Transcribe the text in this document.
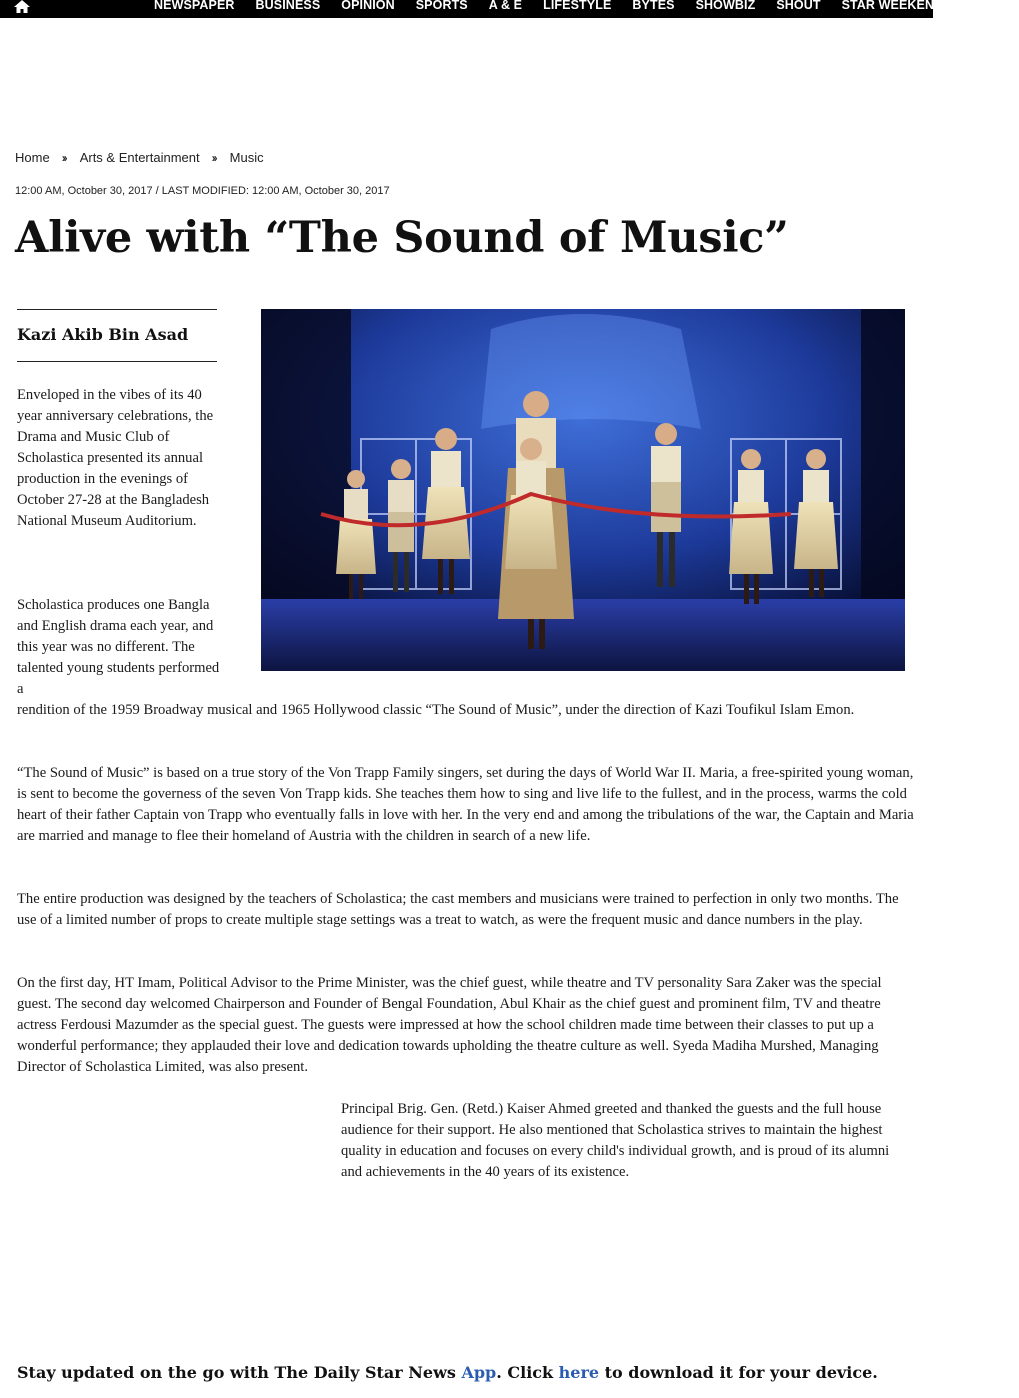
NEWSPAPER BUSINESS OPINION SPORTS A & E LIFESTYLE BYTES SHOWBIZ SHOUT STAR WEEKEND STAR
Home ›› Arts & Entertainment ›› Music
12:00 AM, October 30, 2017 / LAST MODIFIED: 12:00 AM, October 30, 2017
Alive with “The Sound of Music”
Kazi Akib Bin Asad

Enveloped in the vibes of its 40 year anniversary celebrations, the Drama and Music Club of Scholastica presented its annual production in the evenings of October 27-28 at the Bangladesh National Museum Auditorium.

Scholastica produces one Bangla and English drama each year, and this year was no different. The talented young students performed a

rendition of the 1959 Broadway musical and 1965 Hollywood classic “The Sound of Music”, under the direction of Kazi Toufikul Islam Emon.

“The Sound of Music” is based on a true story of the Von Trapp Family singers, set during the days of World War II. Maria, a free-spirited young woman, is sent to become the governess of the seven Von Trapp kids. She teaches them how to sing and live life to the fullest, and in the process, warms the cold heart of their father Captain von Trapp who eventually falls in love with her. In the very end and among the tribulations of the war, the Captain and Maria are married and manage to flee their homeland of Austria with the children in search of a new life.

The entire production was designed by the teachers of Scholastica; the cast members and musicians were trained to perfection in only two months. The use of a limited number of props to create multiple stage settings was a treat to watch, as were the frequent music and dance numbers in the play.

On the first day, HT Imam, Political Advisor to the Prime Minister, was the chief guest, while theatre and TV personality Sara Zaker was the special guest. The second day welcomed Chairperson and Founder of Bengal Foundation, Abul Khair as the chief guest and prominent film, TV and theatre actress Ferdousi Mazumder as the special guest. The guests were impressed at how the school children made time between their classes to put up a wonderful performance; they applauded their love and dedication towards upholding the theatre culture as well. Syeda Madiha Murshed, Managing Director of Scholastica Limited, was also present.

Principal Brig. Gen. (Retd.) Kaiser Ahmed greeted and thanked the guests and the full house audience for their support. He also mentioned that Scholastica strives to maintain the highest quality in education and focuses on every child's individual growth, and is proud of its alumni and achievements in the 40 years of its existence.

Stay updated on the go with The Daily Star News App. Click here to download it for your device.
